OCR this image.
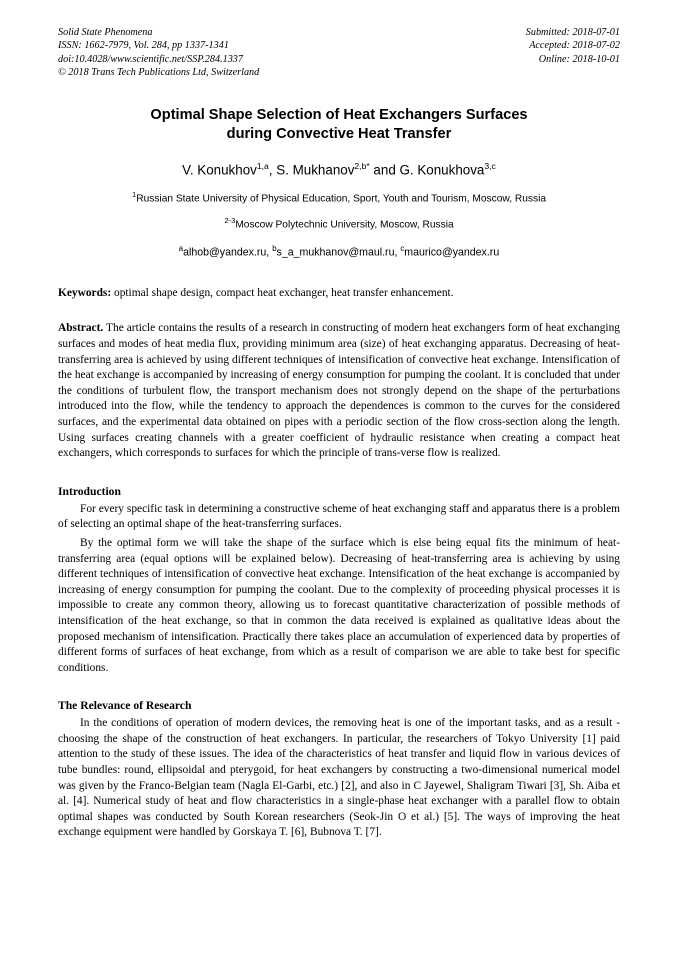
Solid State Phenomena
ISSN: 1662-7979, Vol. 284, pp 1337-1341
doi:10.4028/www.scientific.net/SSP.284.1337
© 2018 Trans Tech Publications Ltd, Switzerland
Submitted: 2018-07-01
Accepted: 2018-07-02
Online: 2018-10-01
Optimal Shape Selection of Heat Exchangers Surfaces
during Convective Heat Transfer
V. Konukhov$^{1,a}$, S. Mukhanov$^{2,b*}$ and G. Konukhova$^{3,c}$
$^1$Russian State University of Physical Education, Sport, Youth and Tourism, Moscow, Russia
$^{2-3}$Moscow Polytechnic University, Moscow, Russia
$^a$alhob@yandex.ru, $^b$s_a_mukhanov@maul.ru, $^c$maurico@yandex.ru
Keywords: optimal shape design, compact heat exchanger, heat transfer enhancement.
Abstract. The article contains the results of a research in constructing of modern heat exchangers form of heat exchanging surfaces and modes of heat media flux, providing minimum area (size) of heat exchanging apparatus. Decreasing of heat-transferring area is achieved by using different techniques of intensification of convective heat exchange. Intensification of the heat exchange is accompanied by increasing of energy consumption for pumping the coolant. It is concluded that under the conditions of turbulent flow, the transport mechanism does not strongly depend on the shape of the perturbations introduced into the flow, while the tendency to approach the dependences is common to the curves for the considered surfaces, and the experimental data obtained on pipes with a periodic section of the flow cross-section along the length. Using surfaces creating channels with a greater coefficient of hydraulic resistance when creating a compact heat exchangers, which corresponds to surfaces for which the principle of trans-verse flow is realized.
Introduction
For every specific task in determining a constructive scheme of heat exchanging staff and apparatus there is a problem of selecting an optimal shape of the heat-transferring surfaces.
By the optimal form we will take the shape of the surface which is else being equal fits the minimum of heat-transferring area (equal options will be explained below). Decreasing of heat-transferring area is achieving by using different techniques of intensification of convective heat exchange. Intensification of the heat exchange is accompanied by increasing of energy consumption for pumping the coolant. Due to the complexity of proceeding physical processes it is impossible to create any common theory, allowing us to forecast quantitative characterization of possible methods of intensification of the heat exchange, so that in common the data received is explained as qualitative ideas about the proposed mechanism of intensification. Practically there takes place an accumulation of experienced data by properties of different forms of surfaces of heat exchange, from which as a result of comparison we are able to take best for specific conditions.
The Relevance of Research
In the conditions of operation of modern devices, the removing heat is one of the important tasks, and as a result - choosing the shape of the construction of heat exchangers. In particular, the researchers of Tokyo University [1] paid attention to the study of these issues. The idea of the characteristics of heat transfer and liquid flow in various devices of tube bundles: round, ellipsoidal and pterygoid, for heat exchangers by constructing a two-dimensional numerical model was given by the Franco-Belgian team (Nagla El-Garbi, etc.) [2], and also in C Jayewel, Shaligram Tiwari [3], Sh. Aiba et al. [4]. Numerical study of heat and flow characteristics in a single-phase heat exchanger with a parallel flow to obtain optimal shapes was conducted by South Korean researchers (Seok-Jin O et al.) [5]. The ways of improving the heat exchange equipment were handled by Gorskaya T. [6], Bubnova T. [7].
